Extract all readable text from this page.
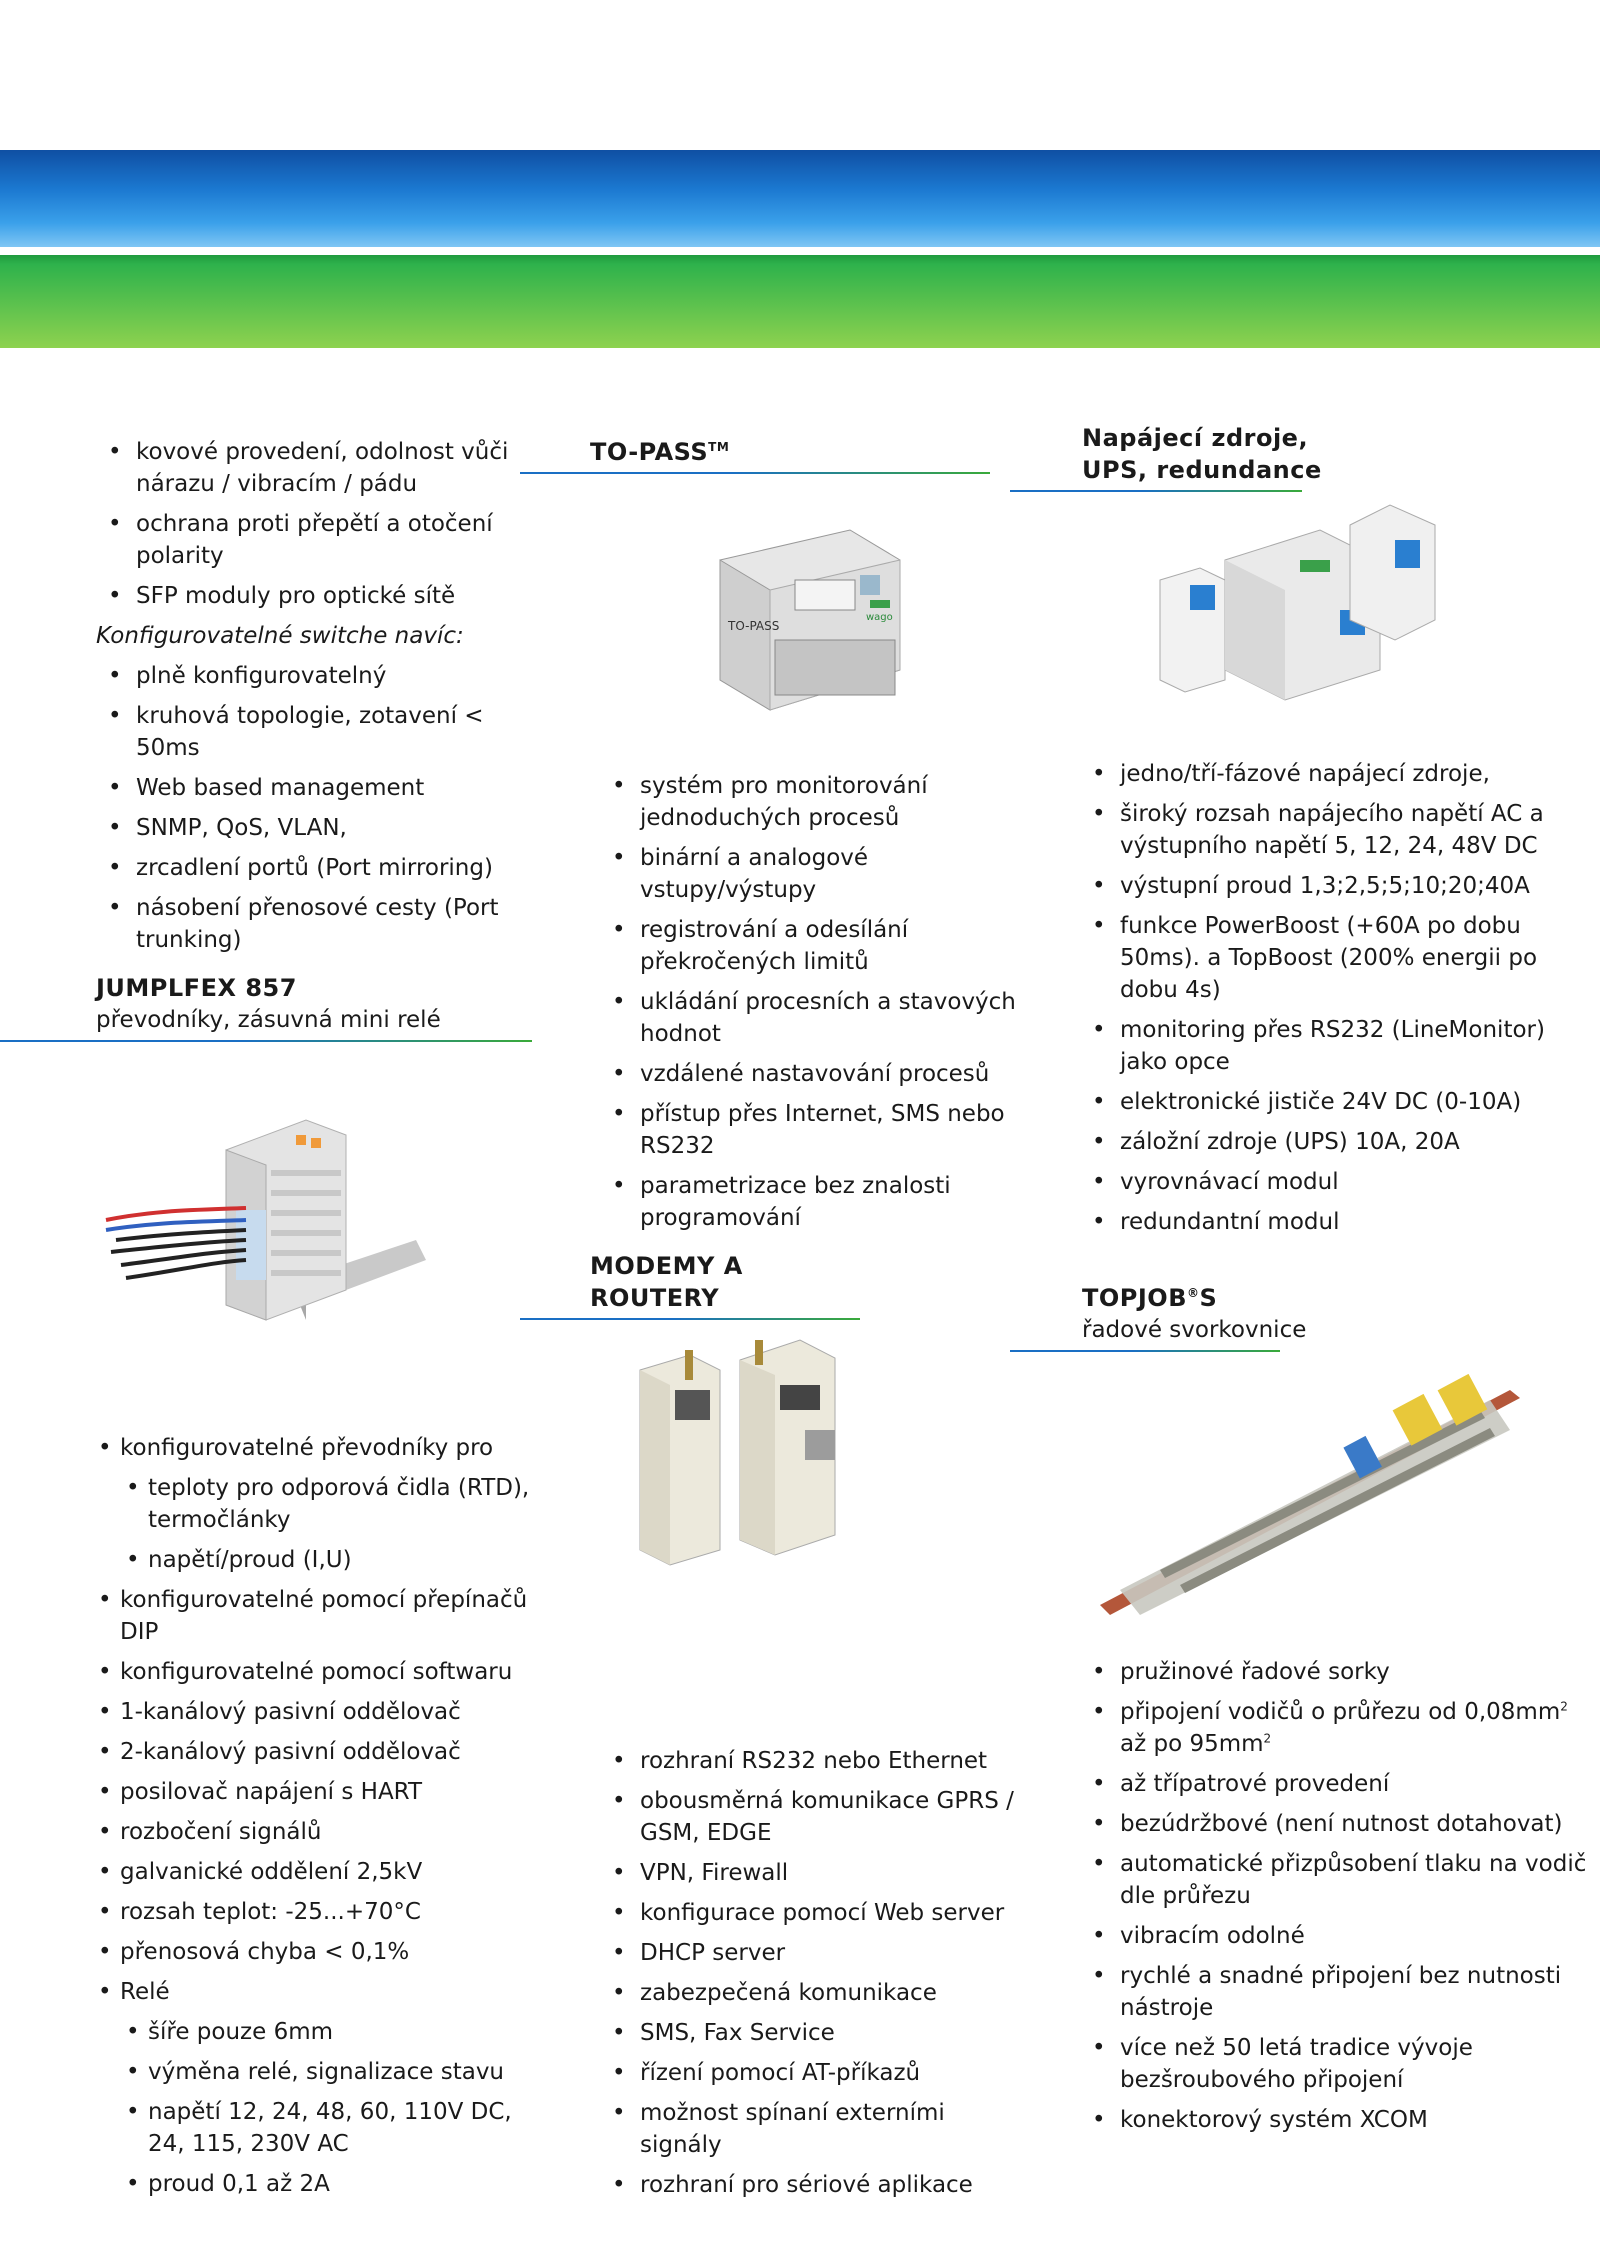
• kovové provedení, odolnost vůči nárazu / vibracím / pádu
• ochrana proti přepětí a otočení polarity
• SFP moduly pro optické sítě

Konfigurovatelné switche navíc:

• plně konfigurovatelný
• kruhová topologie, zotavení < 50ms
• Web based management
• SNMP, QoS, VLAN,
• zrcadlení portů (Port mirroring)
• násobení přenosové cesty (Port trunking)

JUMPLFEX 857

převodníky, zásuvná mini relé

• konfigurovatelné převodníky pro
• teploty pro odporová čidla (RTD), termočlánky
• napětí/proud (I,U)
• konfigurovatelné pomocí přepínačů DIP
• konfigurovatelné pomocí softwaru
• 1-kanálový pasivní oddělovač
• 2-kanálový pasivní oddělovač
• posilovač napájení s HART
• rozbočení signálů
• galvanické oddělení 2,5kV
• rozsah teplot: -25...+70°C
• přenosová chyba < 0,1%
• Relé
• šíře pouze 6mm
• výměna relé, signalizace stavu
• napětí 12, 24, 48, 60, 110V DC, 24, 115, 230V AC
• proud 0,1 až 2A

TO-PASS™

TO-PASS
wago
• systém pro monitorování jednoduchých procesů
• binární a analogové vstupy/výstupy
• registrování a odesílání překročených limitů
• ukládání procesních a stavových hodnot
• vzdálené nastavování procesů
• přístup přes Internet, SMS nebo RS232
• parametrizace bez znalosti programování

MODEMY A ROUTERY

• rozhraní RS232 nebo Ethernet
• obousměrná komunikace GPRS / GSM, EDGE
• VPN, Firewall
• konfigurace pomocí Web server
• DHCP server
• zabezpečená komunikace
• SMS, Fax Service
• řízení pomocí AT-příkazů
• možnost spínaní externími signály
• rozhraní pro sériové aplikace

Napájecí zdroje,

UPS, redundance

• jedno/tří-fázové napájecí zdroje,
• široký rozsah napájecího napětí AC a výstupního napětí 5, 12, 24, 48V DC
• výstupní proud 1,3;2,5;5;10;20;40A
• funkce PowerBoost (+60A po dobu 50ms). a TopBoost (200% energii po dobu 4s)
• monitoring přes RS232 (LineMonitor) jako opce
• elektronické jističe 24V DC (0-10A)
• záložní zdroje (UPS) 10A, 20A
• vyrovnávací modul
• redundantní modul

TOPJOB®S

řadové svorkovnice

• pružinové řadové sorky
• připojení vodičů o průřezu od $0,08mm^2$ až po $95mm^2$
• až třípatrové provedení
• bezúdržbové (není nutnost dotahovat)
• automatické přizpůsobení tlaku na vodič dle průřezu
• vibracím odolné
• rychlé a snadné připojení bez nutnosti nástroje
• více než 50 letá tradice vývoje bezšroubového připojení
• konektorový systém XCOM
